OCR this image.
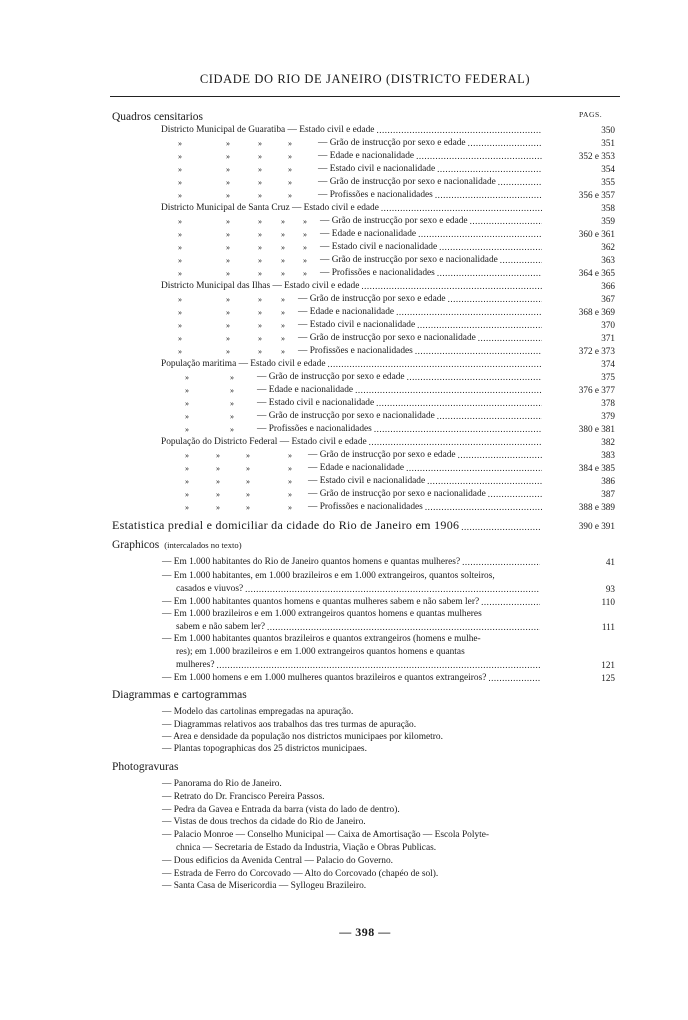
CIDADE DO RIO DE JANEIRO (DISTRICTO FEDERAL)
PAGS.
Quadros censitarios
Districto Municipal de Guaratiba — Estado civil e edade	350
.....
»	»	»	»	— Grão de instrucção por sexo e edade	351
.....
»	»	»	»	— Edade e nacionalidade	352 e 353
.....
»	»	»	»	— Estado civil e nacionalidade	354
.....
»	»	»	»	— Grão de instrucção por sexo e nacionalidade	355
.....
»	»	»	»	— Profissões e nacionalidades	356 e 357
.....
Districto Municipal de Santa Cruz — Estado civil e edade	358
.....
»	»	» » » — Grão de instrucção por sexo e edade	359
.....
»	»	» » » — Edade e nacionalidade	360 e 361
.....
»	»	» » » — Estado civil e nacionalidade	362
.....
»	»	» » » — Grão de instrucção por sexo e nacionalidade	363
.....
»	»	» » » — Profissões e nacionalidades	364 e 365
.....
Districto Municipal das Ilhas — Estado civil e edade	366
.....
»	»	» » — Grão de instrucção por sexo e edade	367
.....
»	»	» » — Edade e nacionalidade	368 e 369
.....
»	»	» » — Estado civil e nacionalidade	370
.....
»	»	» » — Grão de instrucção por sexo e nacionalidade	371
.....
»	»	» » — Profissões e nacionalidades	372 e 373
.....
População maritima — Estado civil e edade	374
.....
»	» — Grão de instrucção por sexo e edade	375
.....
»	» — Edade e nacionalidade	376 e 377
.....
»	» — Estado civil e nacionalidade	378
.....
»	» — Grão de instrucção por sexo e nacionalidade	379
.....
»	» — Profissões e nacionalidades	380 e 381
.....
População do Districto Federal — Estado civil e edade	382
.....
»	»	»	» — Grão de instrucção por sexo e edade	383
.....
»	»	»	» — Edade e nacionalidade	384 e 385
.....
»	»	»	» — Estado civil e nacionalidade	386
.....
»	»	»	» — Grão de instrucção por sexo e nacionalidade	387
.....
»	»	»	» — Profissões e nacionalidades	388 e 389
.....
Estatistica predial e domiciliar da cidade do Rio de Janeiro em 1906 .....	390 e 391
Graphicos (intercalados no texto)
— Em 1.000 habitantes do Rio de Janeiro quantos homens e quantas mulheres? .....	41
— Em 1.000 habitantes, em 1.000 brazileiros e em 1.000 extrangeiros, quantos solteiros,
casados e viuvos? .....	93
— Em 1.000 habitantes quantos homens e quantas mulheres sabem e não sabem ler? .....	110
— Em 1.000 brazileiros e em 1.000 extrangeiros quantos homens e quantas mulheres
sabem e não sabem ler? .....	111
— Em 1.000 habitantes quantos brazileiros e quantos extrangeiros (homens e mulhe-
res); em 1.000 brazileiros e em 1.000 extrangeiros quantos homens e quantas
mulheres? .....	121
— Em 1.000 homens e em 1.000 mulheres quantos brazileiros e quantos extrangeiros? .....	125
Diagrammas e cartogrammas
— Modelo das cartolinas empregadas na apuração.
— Diagrammas relativos aos trabalhos das tres turmas de apuração.
— Area e densidade da população nos districtos municipaes por kilometro.
— Plantas topographicas dos 25 districtos municipaes.
Photogravuras
— Panorama do Rio de Janeiro.
— Retrato do Dr. Francisco Pereira Passos.
— Pedra da Gavea e Entrada da barra (vista do lado de dentro).
— Vistas de dous trechos da cidade do Rio de Janeiro.
— Palacio Monroe — Conselho Municipal — Caixa de Amortisação — Escola Polyte-
chnica — Secretaria de Estado da Industria, Viação e Obras Publicas.
— Dous edificios da Avenida Central — Palacio do Governo.
— Estrada de Ferro do Corcovado — Alto do Corcovado (chapéo de sol).
— Santa Casa de Misericordia — Syllogeu Brazileiro.
— 398 —
